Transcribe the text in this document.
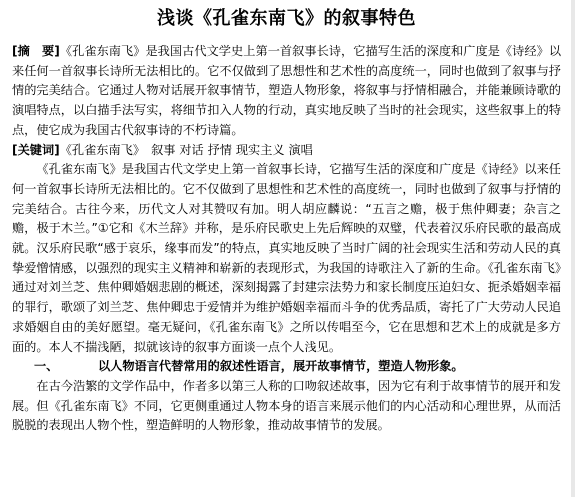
浅谈《孔雀东南飞》的叙事特色

[摘　要]《孔雀东南飞》是我国古代文学史上第一首叙事长诗，它描写生活的深度和广度是《诗经》以来任何一首叙事长诗所无法相比的。它不仅做到了思想性和艺术性的高度统一，同时也做到了叙事与抒情的完美结合。它通过人物对话展开叙事情节，塑造人物形象，将叙事与抒情相融合，并能兼顾诗歌的演唱特点，以白描手法写实，将细节扣入人物的行动，真实地反映了当时的社会现实，这些叙事上的特点，使它成为我国古代叙事诗的不朽诗篇。

[关键词]《孔雀东南飞》　叙事 对话 抒情 现实主义 演唱

《孔雀东南飞》是我国古代文学史上第一首叙事长诗，它描写生活的深度和广度是《诗经》以来任何一首叙事长诗所无法相比的。它不仅做到了思想性和艺术性的高度统一，同时也做到了叙事与抒情的完美结合。古往今来，历代文人对其赞叹有加。明人胡应麟说：“五言之赡，极于焦仲卿妻；杂言之赡，极于木兰。”①它和《木兰辞》并称，是乐府民歌史上先后辉映的双璧，代表着汉乐府民歌的最高成就。汉乐府民歌“感于哀乐，缘事而发”的特点，真实地反映了当时广阔的社会现实生活和劳动人民的真挚爱憎情感，以强烈的现实主义精神和崭新的表现形式，为我国的诗歌注入了新的生命。《孔雀东南飞》通过对刘兰芝、焦仲卿婚姻悲剧的概述，深刻揭露了封建宗法势力和家长制度压迫妇女、扼杀婚姻幸福的罪行，歌颂了刘兰芝、焦仲卿忠于爱情并为维护婚姻幸福而斗争的优秀品质，寄托了广大劳动人民追求婚姻自由的美好愿望。毫无疑问，《孔雀东南飞》之所以传唱至今，它在思想和艺术上的成就是多方面的。本人不揣浅陋，拟就该诗的叙事方面谈一点个人浅见。

一、	以人物语言代替常用的叙述性语言，展开故事情节，塑造人物形象。

在古今浩繁的文学作品中，作者多以第三人称的口吻叙述故事，因为它有利于故事情节的展开和发展。但《孔雀东南飞》不同，它更侧重通过人物本身的语言来展示他们的内心活动和心理世界，从而活脱脱的表现出人物个性，塑造鲜明的人物形象，推动故事情节的发展。
